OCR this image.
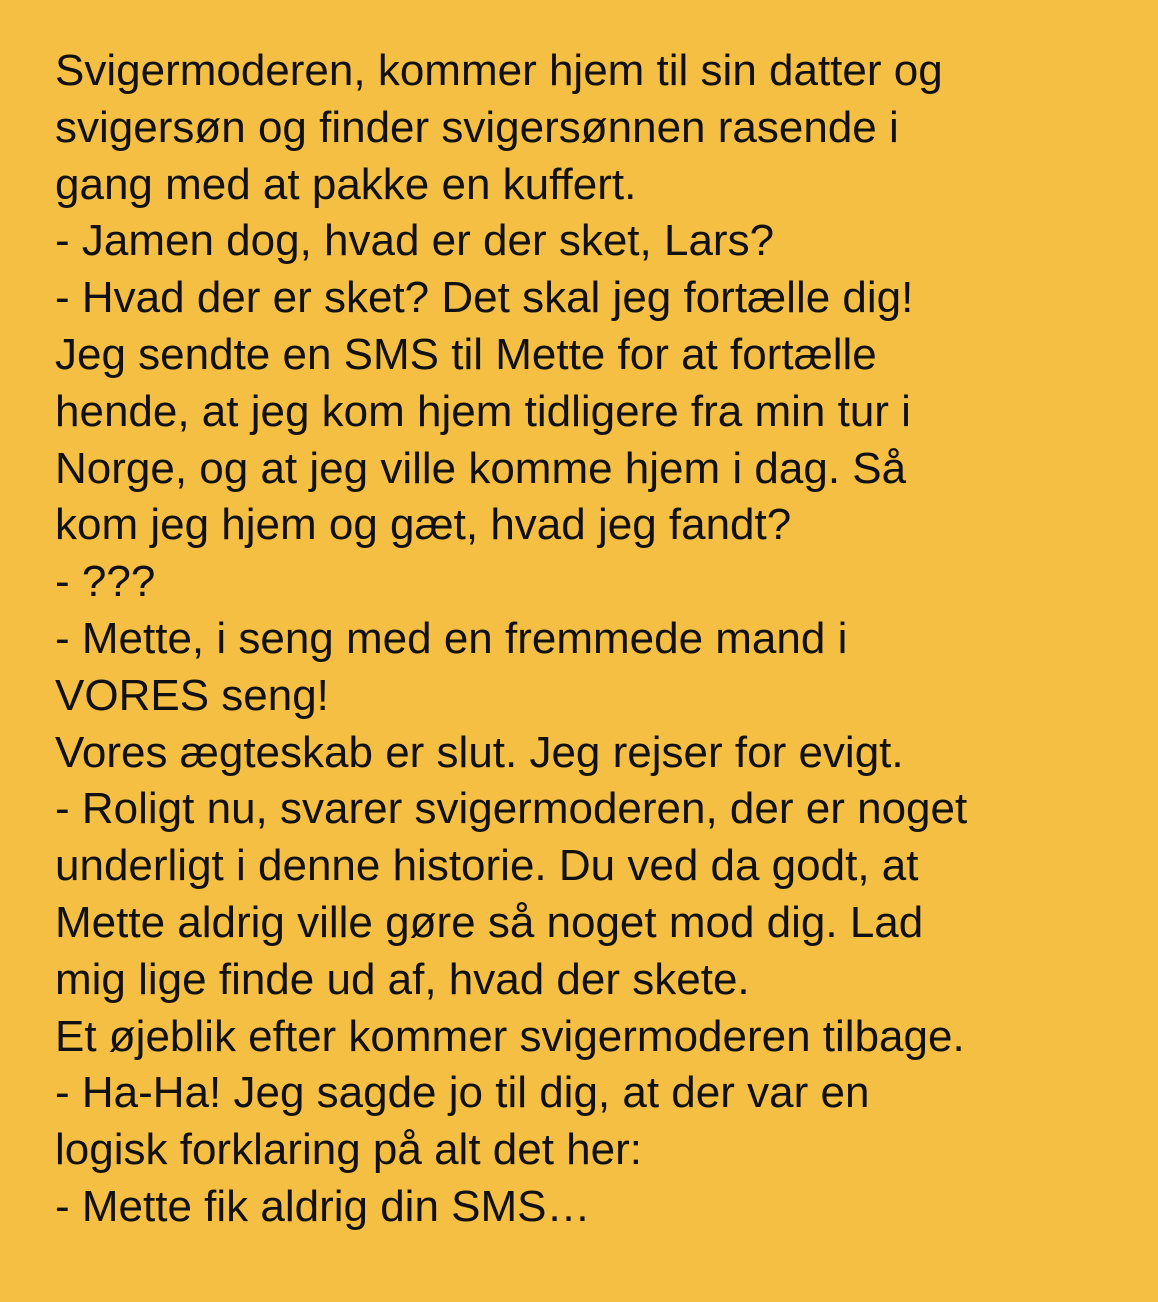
Svigermoderen, kommer hjem til sin datter og
svigersøn og finder svigersønnen rasende i
gang med at pakke en kuffert.
- Jamen dog, hvad er der sket, Lars?
- Hvad der er sket? Det skal jeg fortælle dig!
Jeg sendte en SMS til Mette for at fortælle
hende, at jeg kom hjem tidligere fra min tur i
Norge, og at jeg ville komme hjem i dag. Så
kom jeg hjem og gæt, hvad jeg fandt?
- ???
- Mette, i seng med en fremmede mand i
VORES seng!
Vores ægteskab er slut. Jeg rejser for evigt.
- Roligt nu, svarer svigermoderen, der er noget
underligt i denne historie. Du ved da godt, at
Mette aldrig ville gøre så noget mod dig. Lad
mig lige finde ud af, hvad der skete.
Et øjeblik efter kommer svigermoderen tilbage.
- Ha-Ha! Jeg sagde jo til dig, at der var en
logisk forklaring på alt det her:
- Mette fik aldrig din SMS…
